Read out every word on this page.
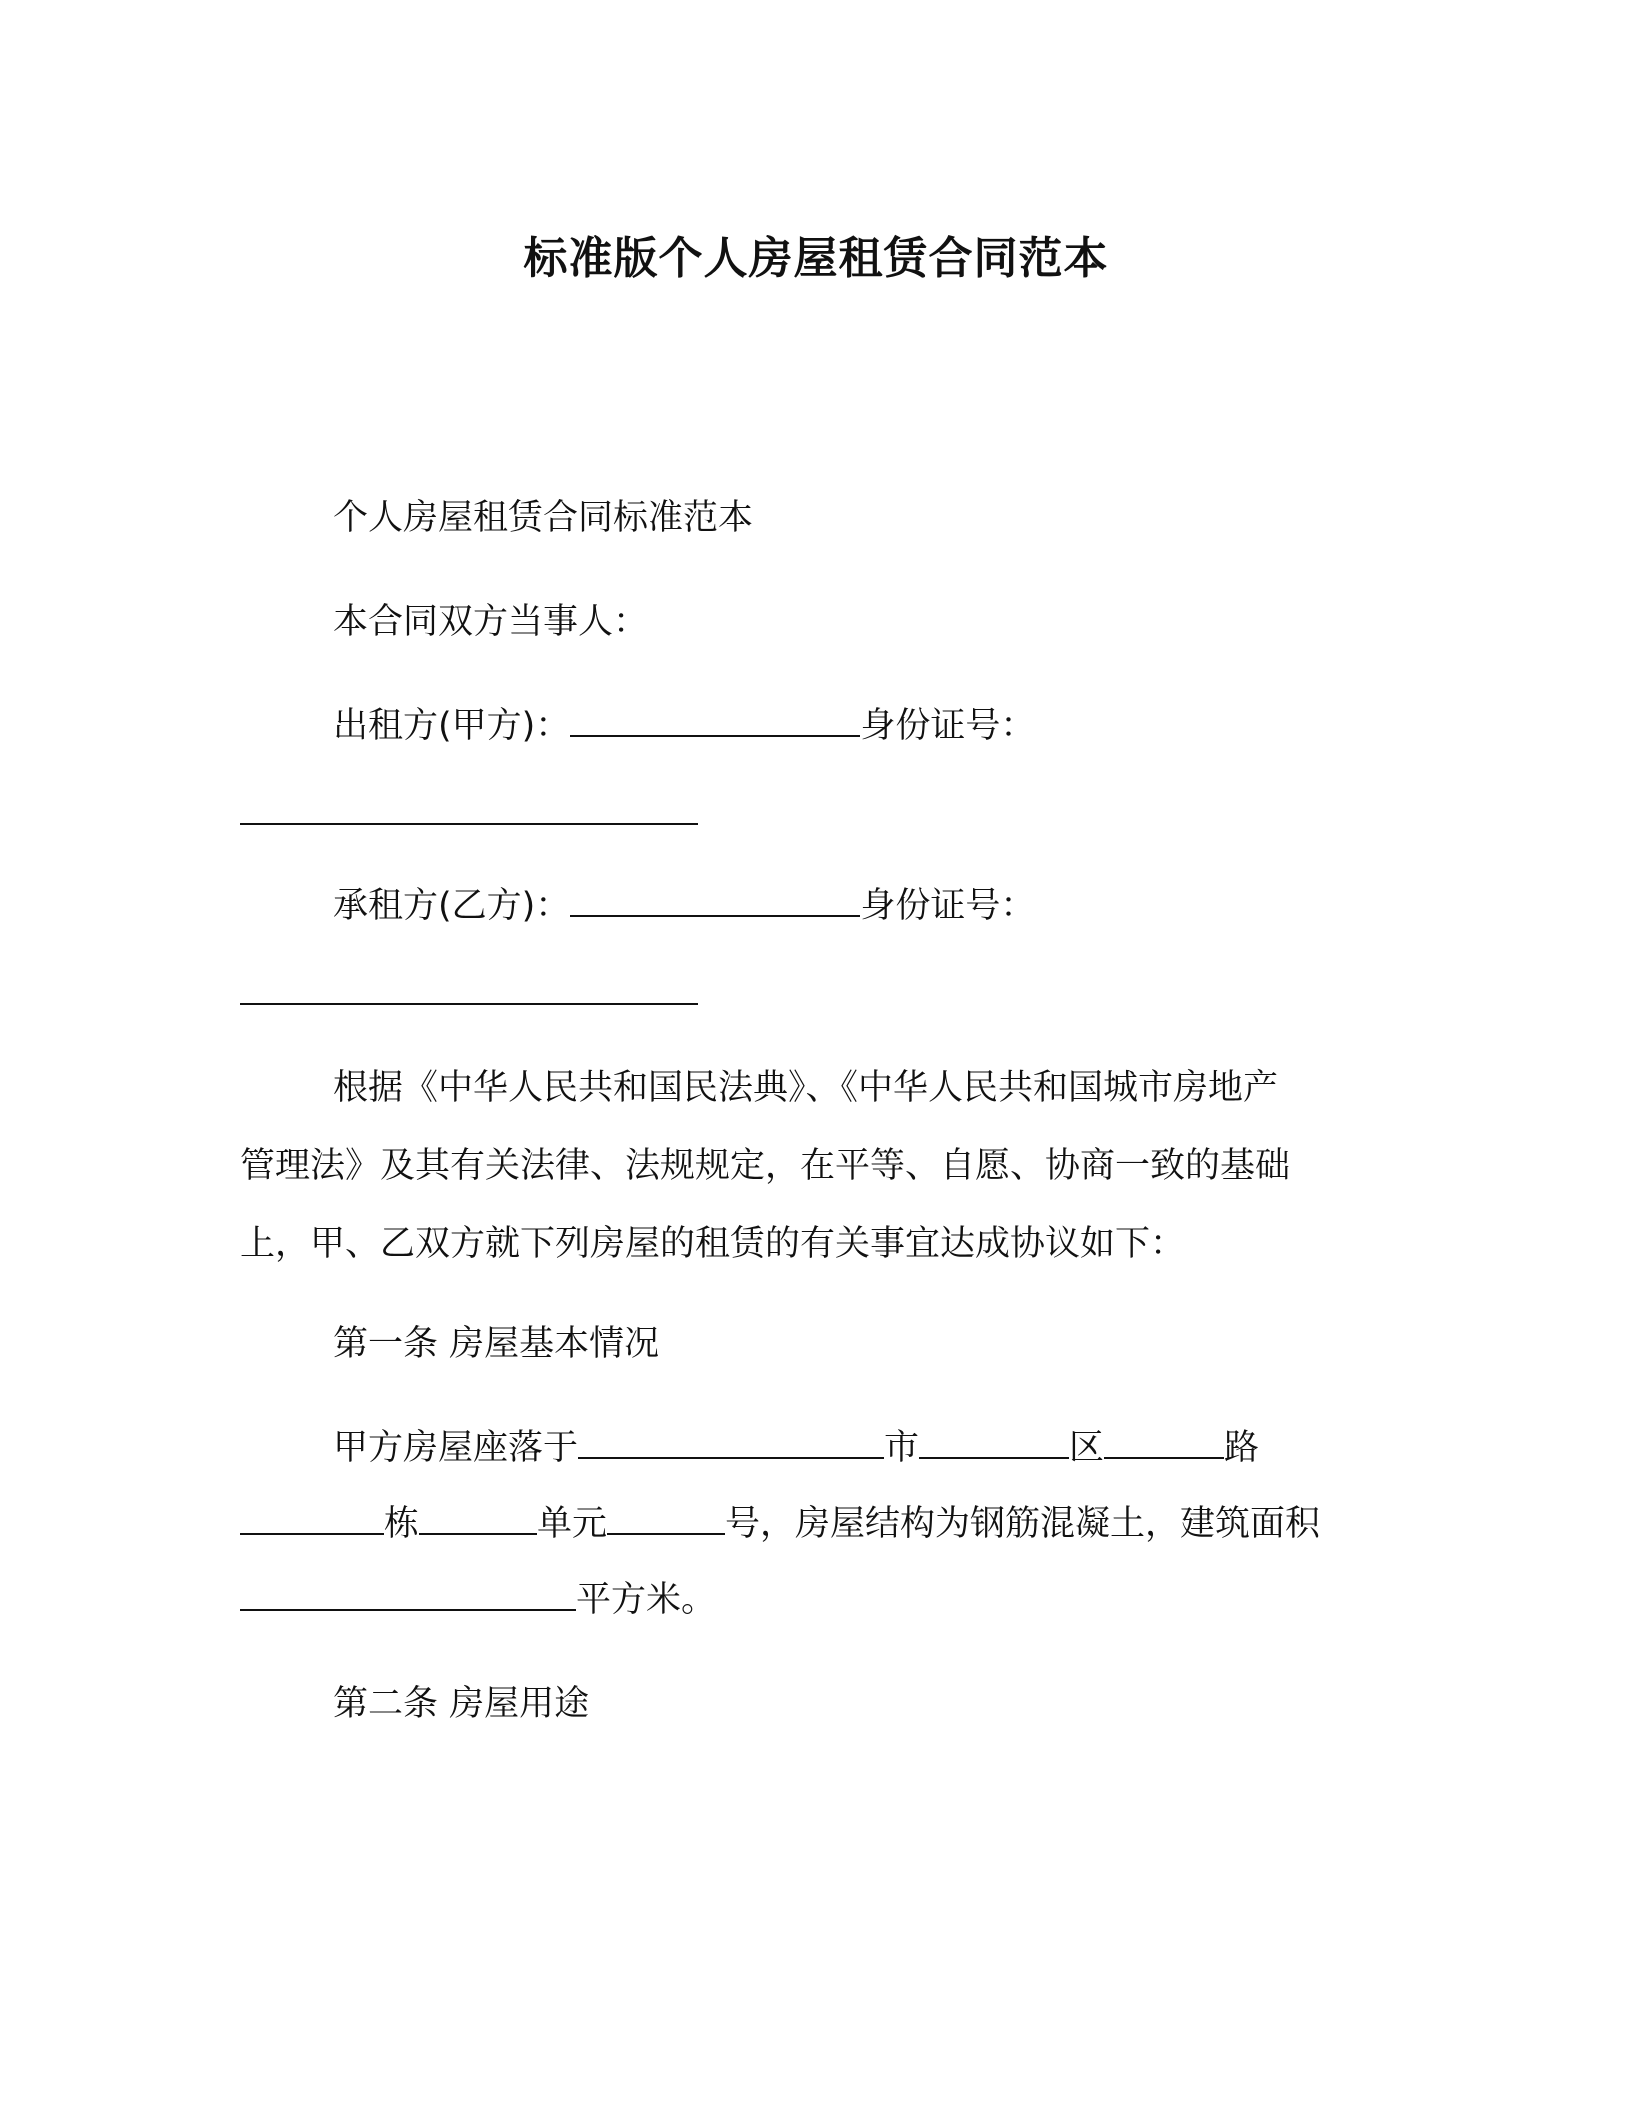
标准版个人房屋租赁合同范本
个人房屋租赁合同标准范本
本合同双方当事人：
出租方(甲方)：	身份证号：
承租方(乙方)：	身份证号：
根据《中华人民共和国民法典》、《中华人民共和国城市房地产
管理法》及其有关法律、法规规定，在平等、自愿、协商一致的基础
上，甲、乙双方就下列房屋的租赁的有关事宜达成协议如下：
第一条 房屋基本情况
甲方房屋座落于	市	区	路
栋	单元	号，房屋结构为钢筋混凝土，建筑面积
平方米。
第二条 房屋用途
